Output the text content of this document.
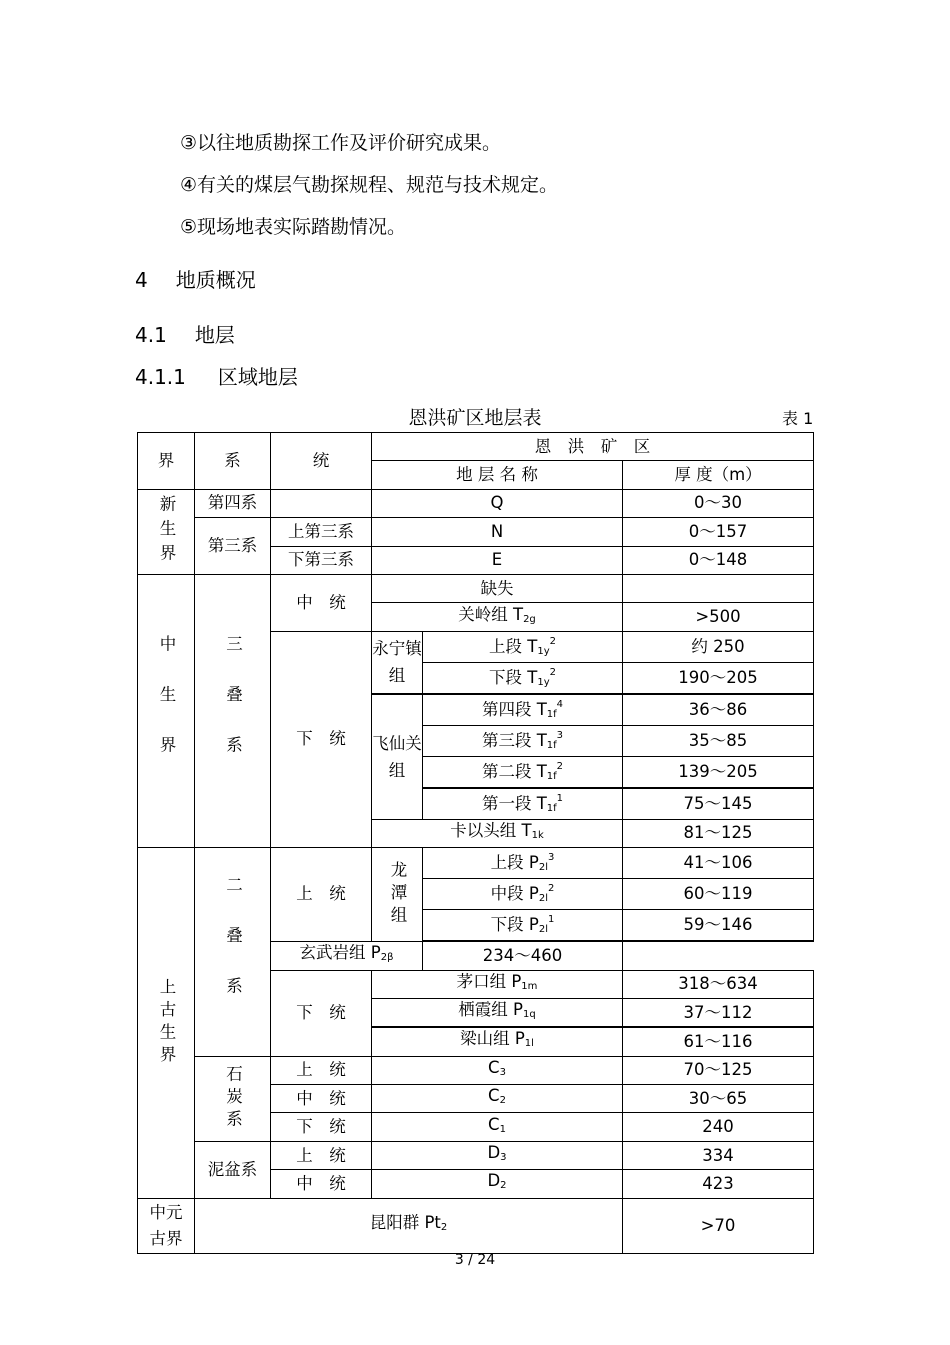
③以往地质勘探工作及评价研究成果。

④有关的煤层气勘探规程、规范与技术规定。

⑤现场地表实际踏勘情况。

4 地质概况

4.1 地层

4.1.1 区域地层

恩洪矿区地层表	表 1

界	系	统	恩　洪　矿　区		
			地 层 名 称		厚 度（m）
新生界	第四系		Q		0～30
	第三系	上第三系	N		0～157
		下第三系	E		0～148
中生界	三叠系	中　统	缺失		
			关岭组 $T_{2g}$		>500
		下　统	永宁镇组	上段 $T_{1y}^2$	约 250
				下段 $T_{1y}^2$	190～205
			飞仙关组	第四段 $T_{1f}^4$	36～86
				第三段 $T_{1f}^3$	35～85
				第二段 $T_{1f}^2$	139～205
				第一段 $T_{1f}^1$	75～145
			卡以头组 $T_{1k}$		81～125
上古生界	二叠系	上　统	龙潭组	上段 $P_{2l}^3$	41～106
				中段 $P_{2l}^2$	60～119
				下段 $P_{2l}^1$	59～146
		玄武岩组 $P_{2\beta}$		234～460	
		下　统	茅口组 $P_{1m}$		318～634
			栖霞组 $P_{1q}$		37～112
			梁山组 $P_{1l}$		61～116
	石炭系	上　统	$C_3$		70～125
		中　统	$C_2$		30～65
		下　统	$C_1$		240
	泥盆系	上　统	$D_3$		334
		中　统	$D_2$		423
中元古界	昆阳群 $Pt_2$				>70

3 / 24
